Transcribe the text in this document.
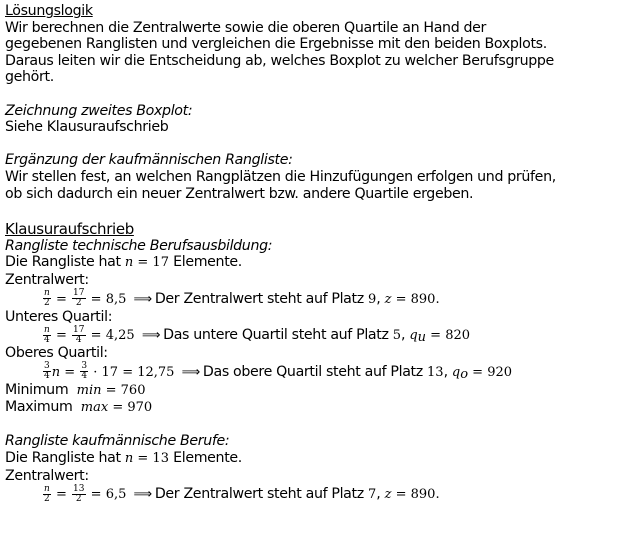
Lösungslogik
Wir berechnen die Zentralwerte sowie die oberen Quartile an Hand der
gegebenen Ranglisten und vergleichen die Ergebnisse mit den beiden Boxplots.
Daraus leiten wir die Entscheidung ab, welches Boxplot zu welcher Berufsgruppe
gehört.
Zeichnung zweites Boxplot:
Siehe Klausuraufschrieb
Ergänzung der kaufmännischen Rangliste:
Wir stellen fest, an welchen Rangplätzen die Hinzufügungen erfolgen und prüfen,
ob sich dadurch ein neuer Zentralwert bzw. andere Quartile ergeben.
Klausuraufschrieb
Rangliste technische Berufsausbildung:
Die Rangliste hat n = 17 Elemente.
Zentralwert:
$\frac{n}{2} = \frac{17}{2} = 8,5$ ⟹ Der Zentralwert steht auf Platz 9, z = 890.
Unteres Quartil:
$\frac{n}{4} = \frac{17}{4} = 4,25$ ⟹ Das untere Quartil steht auf Platz 5, $q_u = 820$
Oberes Quartil:
$\frac{3}{4}$ $n = \frac{3}{4} \cdot 17 = 12,75$ ⟹ Das obere Quartil steht auf Platz 13, $q_o = 920$
Minimum min = 760
Maximum max = 970
Rangliste kaufmännische Berufe:
Die Rangliste hat n = 13 Elemente.
Zentralwert:
$\frac{n}{2} = \frac{13}{2} = 6,5$ ⟹ Der Zentralwert steht auf Platz 7, z = 890.
